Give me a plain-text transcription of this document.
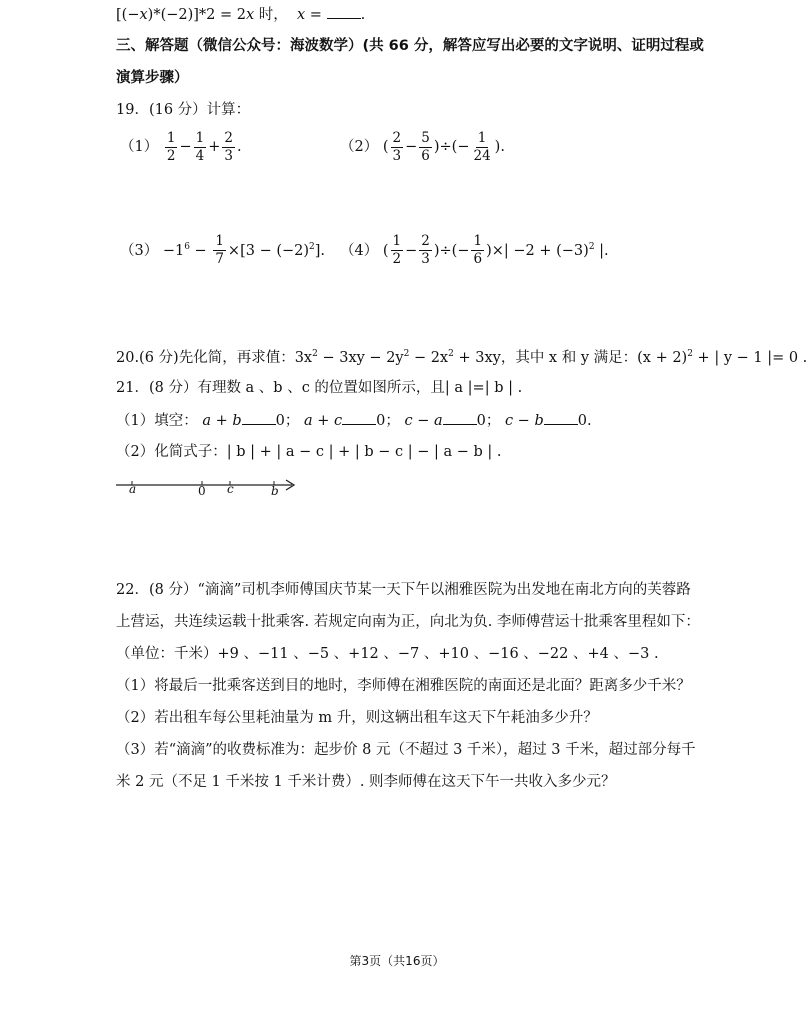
[(−x)*(−2)]*2 = 2x 时， x = .
三、解答题（微信公众号：海波数学）(共 66 分，解答应写出必要的文字说明、证明过程或
演算步骤）
19．(16 分）计算：
$(1) \frac{1}{2} - \frac{1}{4} + \frac{2}{3}$ .	（2） ( $\frac{2}{3} - \frac{5}{6}$ )÷(− $\frac{1}{24}$ ).
$(3) -1^6 - \frac{1}{7} \times[3 - (-2)^2]$. （4） ( $\frac{1}{2} - \frac{2}{3}$ )÷(− $\frac{1}{6}$ )×| $-2 + (-3)^2$ |.
20.(6 分)先化简，再求值：$3x^2 - 3xy - 2y^2 - 2x^2 + 3xy$，其中 x 和 y 满足：$(x + 2)^2$ + | y − 1 |= 0 .
21．(8 分）有理数 a 、b 、c 的位置如图所示，且| a |=| b | .
（1）填空： a + b 0； a + c 0； c − a 0； c − b 0.
（2）化简式子：| b | + | a − c | + | b − c | − | a − b | .
a	0 c	b
22．(8 分）“滴滴”司机李师傅国庆节某一天下午以湘雅医院为出发地在南北方向的芙蓉路
上营运，共连续运载十批乘客. 若规定向南为正，向北为负. 李师傅营运十批乘客里程如下：
（单位：千米）+9 、−11 、−5 、+12 、−7 、+10 、−16 、−22 、+4 、−3 .
（1）将最后一批乘客送到目的地时，李师傅在湘雅医院的南面还是北面？距离多少千米？
（2）若出租车每公里耗油量为 m 升，则这辆出租车这天下午耗油多少升？
（3）若“滴滴”的收费标准为：起步价 8 元（不超过 3 千米），超过 3 千米，超过部分每千
米 2 元（不足 1 千米按 1 千米计费）. 则李师傅在这天下午一共收入多少元？
第3页（共16页）
